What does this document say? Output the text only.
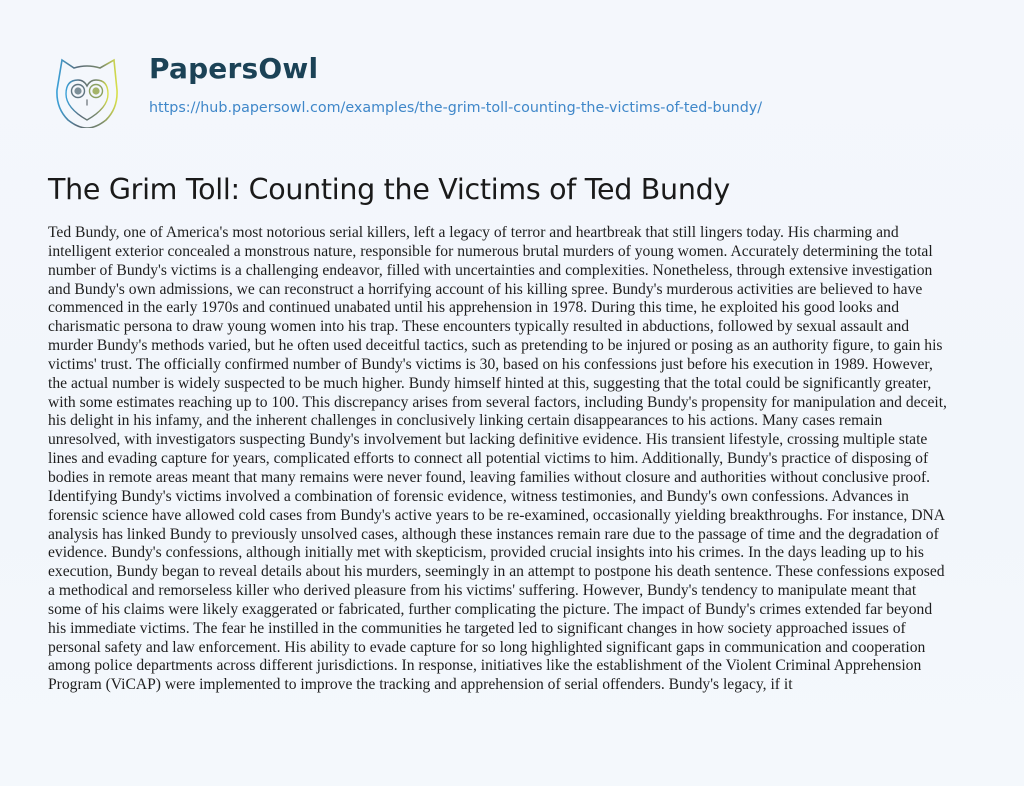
PapersOwl
https://hub.papersowl.com/examples/the-grim-toll-counting-the-victims-of-ted-bundy/
The Grim Toll: Counting the Victims of Ted Bundy

Ted Bundy, one of America's most notorious serial killers, left a legacy of terror and heartbreak that still lingers today. His charming and
intelligent exterior concealed a monstrous nature, responsible for numerous brutal murders of young women. Accurately determining the total
number of Bundy's victims is a challenging endeavor, filled with uncertainties and complexities. Nonetheless, through extensive investigation
and Bundy's own admissions, we can reconstruct a horrifying account of his killing spree. Bundy's murderous activities are believed to have
commenced in the early 1970s and continued unabated until his apprehension in 1978. During this time, he exploited his good looks and
charismatic persona to draw young women into his trap. These encounters typically resulted in abductions, followed by sexual assault and
murder Bundy's methods varied, but he often used deceitful tactics, such as pretending to be injured or posing as an authority figure, to gain his
victims' trust. The officially confirmed number of Bundy's victims is 30, based on his confessions just before his execution in 1989. However,
the actual number is widely suspected to be much higher. Bundy himself hinted at this, suggesting that the total could be significantly greater,
with some estimates reaching up to 100. This discrepancy arises from several factors, including Bundy's propensity for manipulation and deceit,
his delight in his infamy, and the inherent challenges in conclusively linking certain disappearances to his actions. Many cases remain
unresolved, with investigators suspecting Bundy's involvement but lacking definitive evidence. His transient lifestyle, crossing multiple state
lines and evading capture for years, complicated efforts to connect all potential victims to him. Additionally, Bundy's practice of disposing of
bodies in remote areas meant that many remains were never found, leaving families without closure and authorities without conclusive proof.
Identifying Bundy's victims involved a combination of forensic evidence, witness testimonies, and Bundy's own confessions. Advances in
forensic science have allowed cold cases from Bundy's active years to be re-examined, occasionally yielding breakthroughs. For instance, DNA
analysis has linked Bundy to previously unsolved cases, although these instances remain rare due to the passage of time and the degradation of
evidence. Bundy's confessions, although initially met with skepticism, provided crucial insights into his crimes. In the days leading up to his
execution, Bundy began to reveal details about his murders, seemingly in an attempt to postpone his death sentence. These confessions exposed
a methodical and remorseless killer who derived pleasure from his victims' suffering. However, Bundy's tendency to manipulate meant that
some of his claims were likely exaggerated or fabricated, further complicating the picture. The impact of Bundy's crimes extended far beyond
his immediate victims. The fear he instilled in the communities he targeted led to significant changes in how society approached issues of
personal safety and law enforcement. His ability to evade capture for so long highlighted significant gaps in communication and cooperation
among police departments across different jurisdictions. In response, initiatives like the establishment of the Violent Criminal Apprehension
Program (ViCAP) were implemented to improve the tracking and apprehension of serial offenders. Bundy's legacy, if it
